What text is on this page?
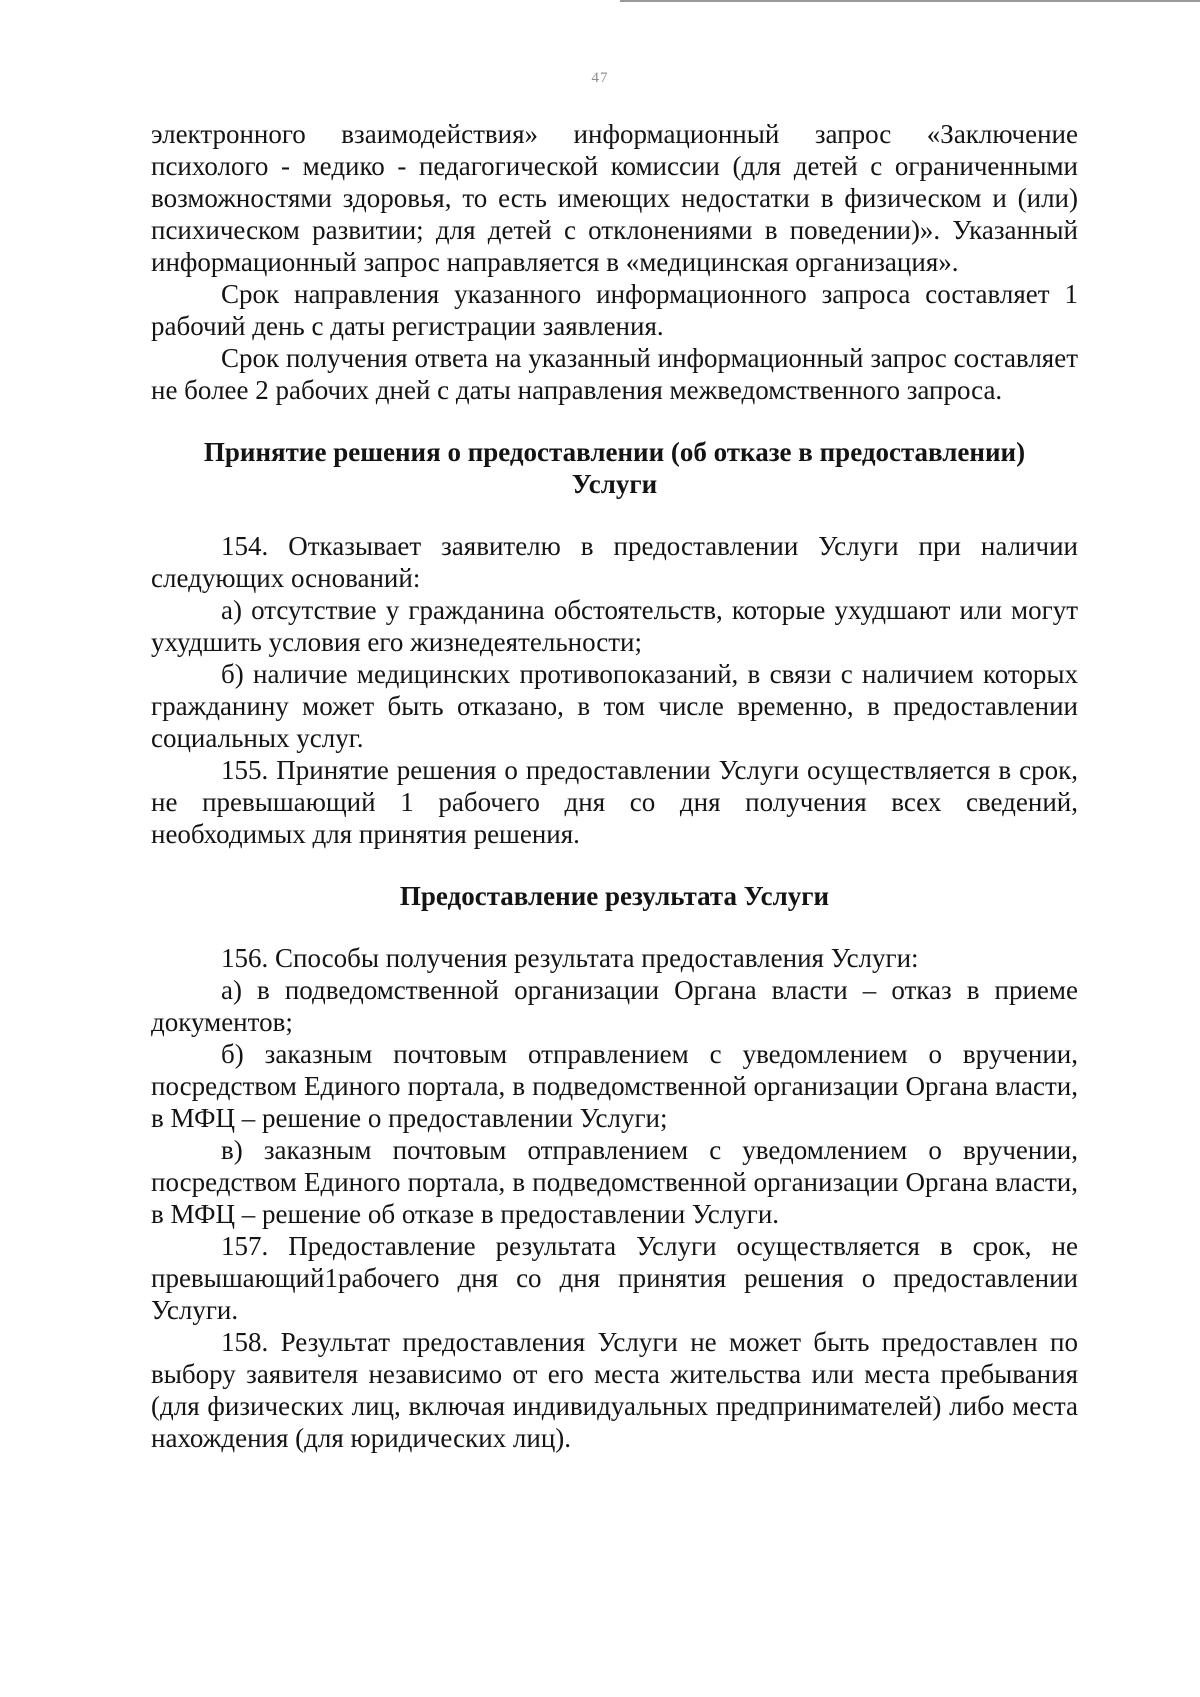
47

электронного взаимодействия» информационный запрос «Заключение психолого - медико - педагогической комиссии (для детей с ограниченными возможностями здоровья, то есть имеющих недостатки в физическом и (или) психическом развитии; для детей с отклонениями в поведении)». Указанный информационный запрос направляется в «медицинская организация».

Срок направления указанного информационного запроса составляет 1 рабочий день с даты регистрации заявления.

Срок получения ответа на указанный информационный запрос составляет не более 2 рабочих дней с даты направления межведомственного запроса.

Принятие решения о предоставлении (об отказе в предоставлении)
Услуги

154. Отказывает заявителю в предоставлении Услуги при наличии следующих оснований:

а) отсутствие у гражданина обстоятельств, которые ухудшают или могут ухудшить условия его жизнедеятельности;

б) наличие медицинских противопоказаний, в связи с наличием которых гражданину может быть отказано, в том числе временно, в предоставлении социальных услуг.

155. Принятие решения о предоставлении Услуги осуществляется в срок, не превышающий 1 рабочего дня со дня получения всех сведений, необходимых для принятия решения.

Предоставление результата Услуги

156. Способы получения результата предоставления Услуги:

а) в подведомственной организации Органа власти – отказ в приеме документов;

б) заказным почтовым отправлением с уведомлением о вручении, посредством Единого портала, в подведомственной организации Органа власти, в МФЦ – решение о предоставлении Услуги;

в) заказным почтовым отправлением с уведомлением о вручении, посредством Единого портала, в подведомственной организации Органа власти, в МФЦ – решение об отказе в предоставлении Услуги.

157. Предоставление результата Услуги осуществляется в срок, не превышающий1рабочего дня со дня принятия решения о предоставлении Услуги.

158. Результат предоставления Услуги не может быть предоставлен по выбору заявителя независимо от его места жительства или места пребывания (для физических лиц, включая индивидуальных предпринимателей) либо места нахождения (для юридических лиц).
